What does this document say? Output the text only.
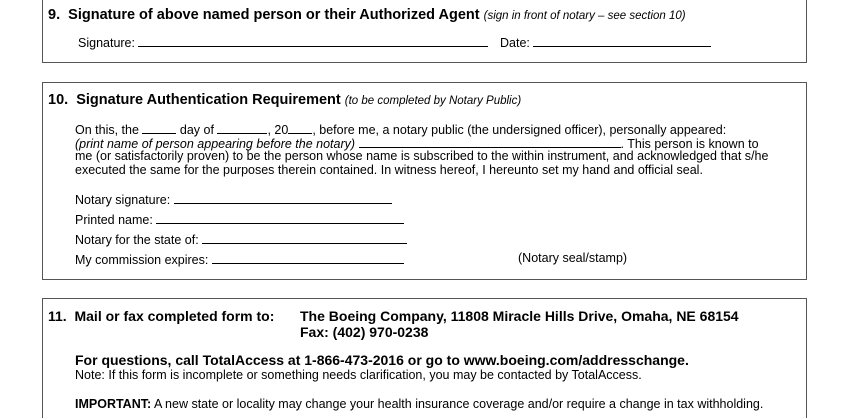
9. Signature of above named person or their Authorized Agent (sign in front of notary – see section 10)
Signature:	Date:
10. Signature Authentication Requirement (to be completed by Notary Public)
On this, the	day of	, 20 , before me, a notary public (the undersigned officer), personally appeared:
(print name of person appearing before the notary)	. This person is known to
me (or satisfactorily proven) to be the person whose name is subscribed to the within instrument, and acknowledged that s/he
executed the same for the purposes therein contained. In witness hereof, I hereunto set my hand and official seal.
Notary signature:
Printed name:
Notary for the state of:
My commission expires:	(Notary seal/stamp)
11. Mail or fax completed form to: The Boeing Company, 11808 Miracle Hills Drive, Omaha, NE 68154
Fax: (402) 970-0238
For questions, call TotalAccess at 1-866-473-2016 or go to www.boeing.com/addresschange.
Note: If this form is incomplete or something needs clarification, you may be contacted by TotalAccess.
IMPORTANT: A new state or locality may change your health insurance coverage and/or require a change in tax withholding.
